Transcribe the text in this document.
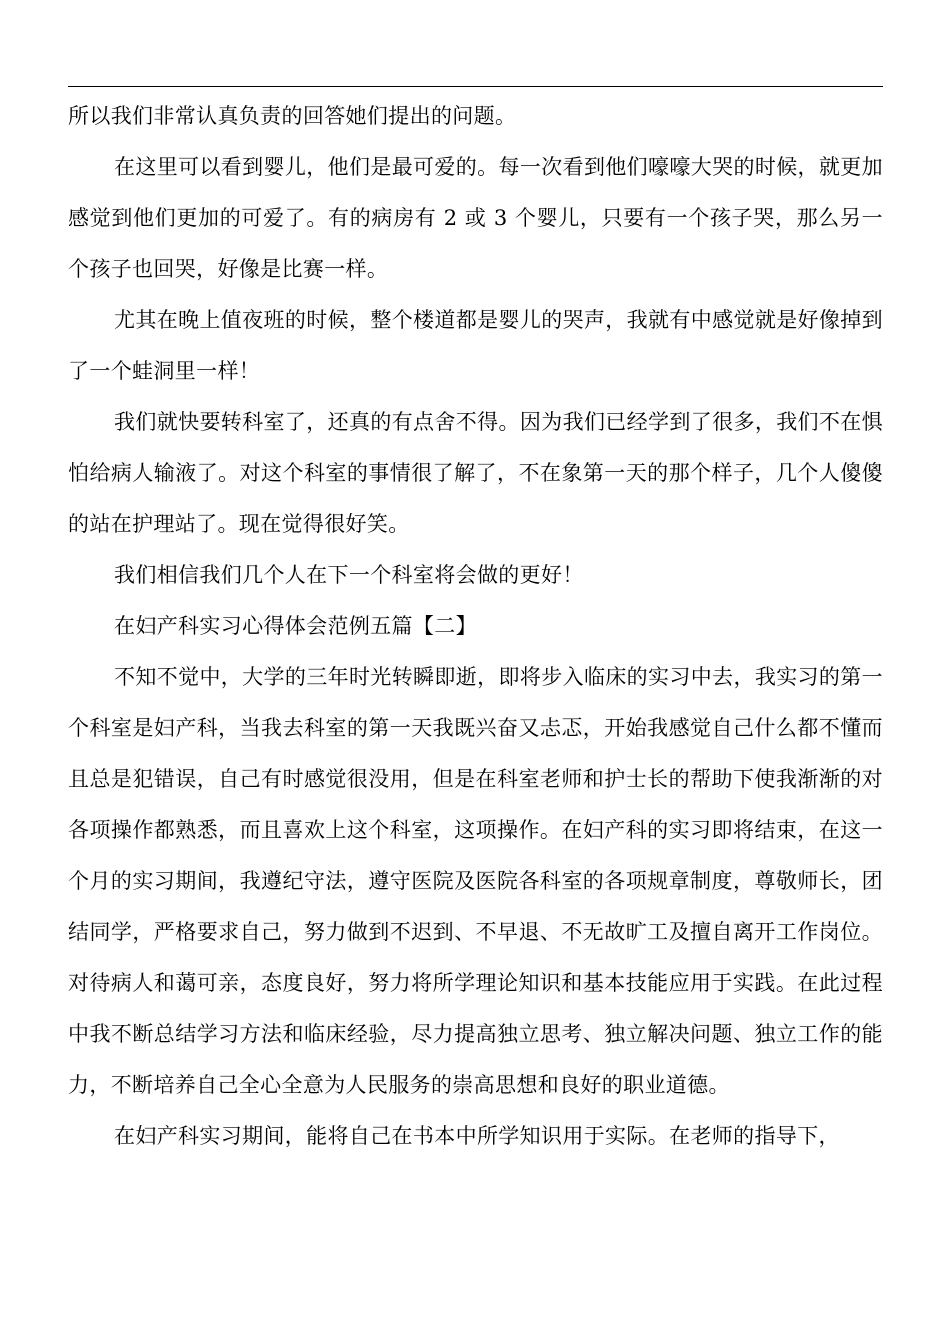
所以我们非常认真负责的回答她们提出的问题。

在这里可以看到婴儿，他们是最可爱的。每一次看到他们嚎嚎大哭的时候，就更加感觉到他们更加的可爱了。有的病房有 2 或 3 个婴儿，只要有一个孩子哭，那么另一个孩子也回哭，好像是比赛一样。

尤其在晚上值夜班的时候，整个楼道都是婴儿的哭声，我就有中感觉就是好像掉到了一个蛙洞里一样！

我们就快要转科室了，还真的有点舍不得。因为我们已经学到了很多，我们不在惧怕给病人输液了。对这个科室的事情很了解了，不在象第一天的那个样子，几个人傻傻的站在护理站了。现在觉得很好笑。

我们相信我们几个人在下一个科室将会做的更好！

在妇产科实习心得体会范例五篇【二】

不知不觉中，大学的三年时光转瞬即逝，即将步入临床的实习中去，我实习的第一个科室是妇产科，当我去科室的第一天我既兴奋又忐忑，开始我感觉自己什么都不懂而且总是犯错误，自己有时感觉很没用，但是在科室老师和护士长的帮助下使我渐渐的对各项操作都熟悉，而且喜欢上这个科室，这项操作。在妇产科的实习即将结束，在这一个月的实习期间，我遵纪守法，遵守医院及医院各科室的各项规章制度，尊敬师长，团结同学，严格要求自己，努力做到不迟到、不早退、不无故旷工及擅自离开工作岗位。对待病人和蔼可亲，态度良好，努力将所学理论知识和基本技能应用于实践。在此过程中我不断总结学习方法和临床经验，尽力提高独立思考、独立解决问题、独立工作的能力，不断培养自己全心全意为人民服务的崇高思想和良好的职业道德。

在妇产科实习期间，能将自己在书本中所学知识用于实际。在老师的指导下，
